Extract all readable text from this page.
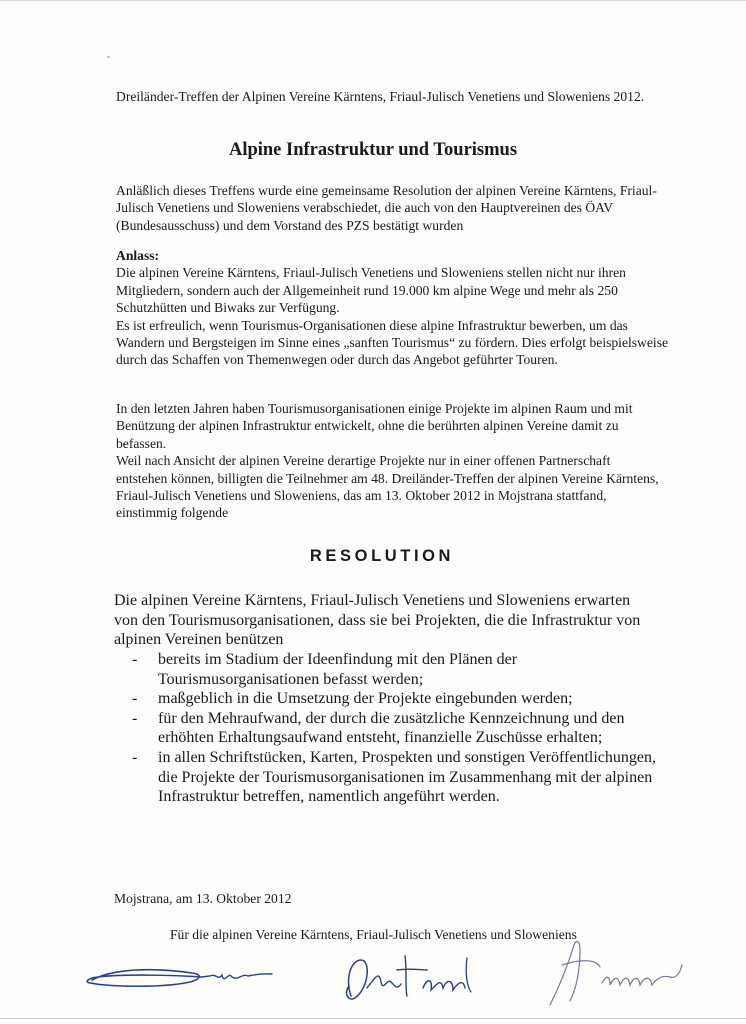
Dreiländer-Treffen der Alpinen Vereine Kärntens, Friaul-Julisch Venetiens und Sloweniens 2012.

Alpine Infrastruktur und Tourismus

Anläßlich dieses Treffens wurde eine gemeinsame Resolution der alpinen Vereine Kärntens, Friaul-Julisch Venetiens und Sloweniens verabschiedet, die auch von den Hauptvereinen des ÖAV (Bundesausschuss) und dem Vorstand des PZS bestätigt wurden

Anlass:
Die alpinen Vereine Kärntens, Friaul-Julisch Venetiens und Sloweniens stellen nicht nur ihren Mitgliedern, sondern auch der Allgemeinheit rund 19.000 km alpine Wege und mehr als 250 Schutzhütten und Biwaks zur Verfügung.
Es ist erfreulich, wenn Tourismus-Organisationen diese alpine Infrastruktur bewerben, um das Wandern und Bergsteigen im Sinne eines „sanften Tourismus“ zu fördern. Dies erfolgt beispielsweise durch das Schaffen von Themenwegen oder durch das Angebot geführter Touren.
In den letzten Jahren haben Tourismusorganisationen einige Projekte im alpinen Raum und mit Benützung der alpinen Infrastruktur entwickelt, ohne die berührten alpinen Vereine damit zu befassen.
Weil nach Ansicht der alpinen Vereine derartige Projekte nur in einer offenen Partnerschaft entstehen können, billigten die Teilnehmer am 48. Dreiländer-Treffen der alpinen Vereine Kärntens, Friaul-Julisch Venetiens und Sloweniens, das am 13. Oktober 2012 in Mojstrana stattfand, einstimmig folgende
RESOLUTION

Die alpinen Vereine Kärntens, Friaul-Julisch Venetiens und Sloweniens erwarten von den Tourismusorganisationen, dass sie bei Projekten, die die Infrastruktur von alpinen Vereinen benützen

- bereits im Stadium der Ideenfindung mit den Plänen der Tourismusorganisationen befasst werden;
- maßgeblich in die Umsetzung der Projekte eingebunden werden;
- für den Mehraufwand, der durch die zusätzliche Kennzeichnung und den erhöhten Erhaltungsaufwand entsteht, finanzielle Zuschüsse erhalten;
- in allen Schriftstücken, Karten, Prospekten und sonstigen Veröffentlichungen, die Projekte der Tourismusorganisationen im Zusammenhang mit der alpinen Infrastruktur betreffen, namentlich angeführt werden.

Mojstrana, am 13. Oktober 2012

Für die alpinen Vereine Kärntens, Friaul-Julisch Venetiens und Sloweniens
